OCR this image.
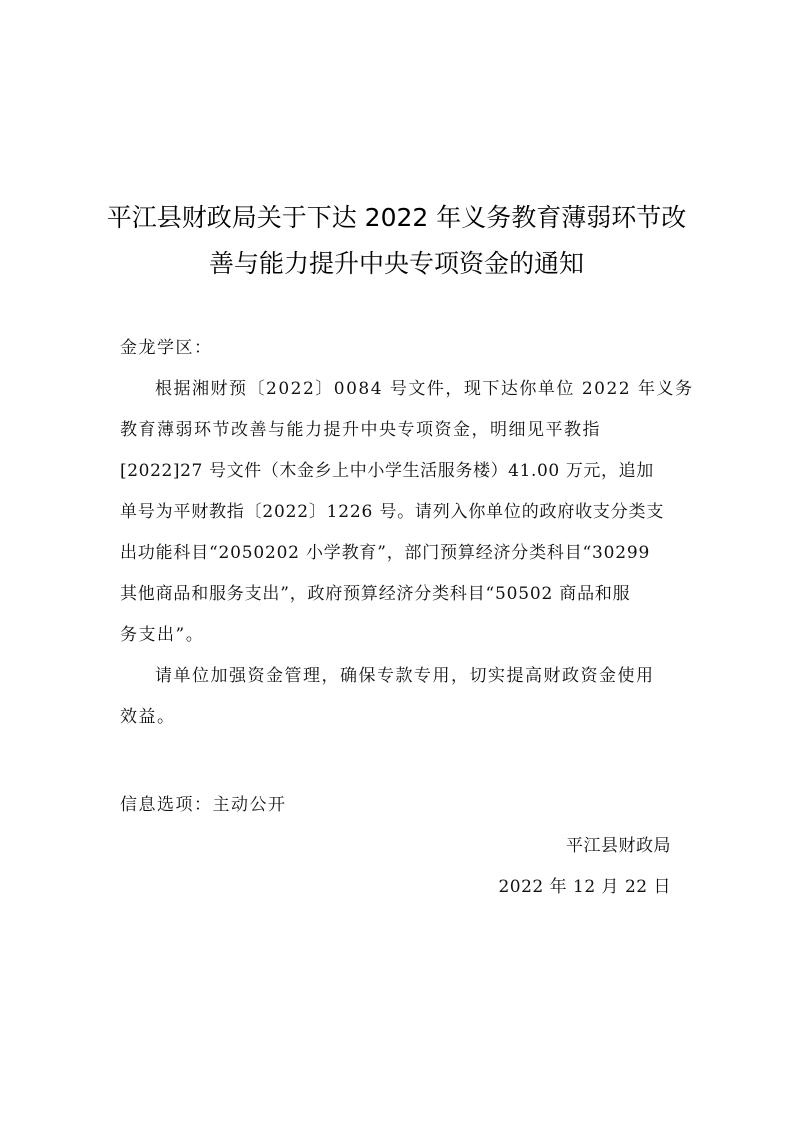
平江县财政局关于下达 2022 年义务教育薄弱环节改
善与能力提升中央专项资金的通知
金龙学区：
根据湘财预〔2022〕0084 号文件，现下达你单位 2022 年义务
教育薄弱环节改善与能力提升中央专项资金，明细见平教指
[2022]27 号文件（木金乡上中小学生活服务楼）41.00 万元，追加
单号为平财教指〔2022〕1226 号。请列入你单位的政府收支分类支
出功能科目“2050202 小学教育”，部门预算经济分类科目“30299
其他商品和服务支出”，政府预算经济分类科目“50502 商品和服
务支出”。
请单位加强资金管理，确保专款专用，切实提高财政资金使用
效益。
信息选项：主动公开
平江县财政局
2022 年 12 月 22 日
